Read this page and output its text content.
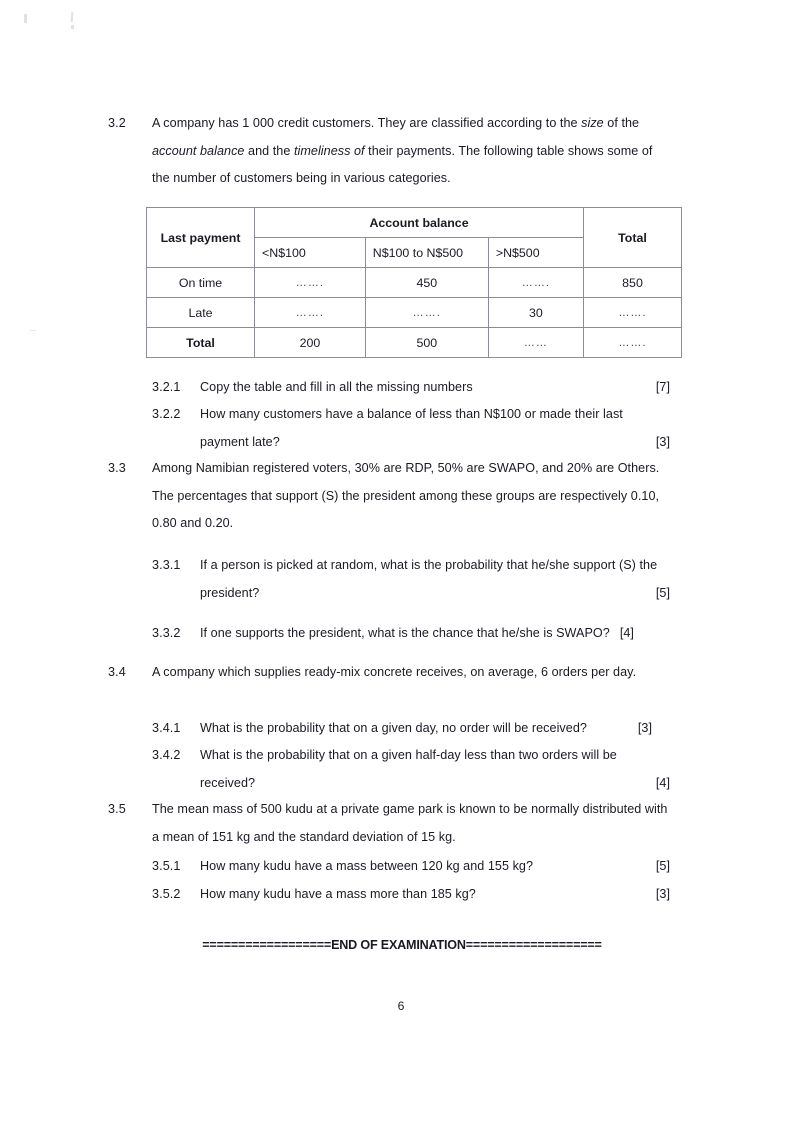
3.2	A company has 1 000 credit customers. They are classified according to the size of the account balance and the timeliness of their payments. The following table shows some of the number of customers being in various categories.
Last payment	Account balance			Total
	<N$100	N$100 to N$500	>N$500	
On time	…….	450	…….	850
Late	…….	…….	30	…….
Total	200	500	……	…….
3.2.1	Copy the table and fill in all the missing numbers	[7]

3.2.2	How many customers have a balance of less than N$100 or made their last payment late?	[3]

3.3	Among Namibian registered voters, 30% are RDP, 50% are SWAPO, and 20% are Others. The percentages that support (S) the president among these groups are respectively 0.10, 0.80 and 0.20.
3.3.1	If a person is picked at random, what is the probability that he/she support (S) the president?	[5]

3.3.2	If one supports the president, what is the chance that he/she is SWAPO? [4]

3.4	A company which supplies ready-mix concrete receives, on average, 6 orders per day.
3.4.1	What is the probability that on a given day, no order will be received?	[3]

3.4.2	What is the probability that on a given half-day less than two orders will be received?	[4]

3.5	The mean mass of 500 kudu at a private game park is known to be normally distributed with a mean of 151 kg and the standard deviation of 15 kg.
3.5.1	How many kudu have a mass between 120 kg and 155 kg?	[5]

3.5.2	How many kudu have a mass more than 185 kg?	[3]

==================END OF EXAMINATION===================
6
